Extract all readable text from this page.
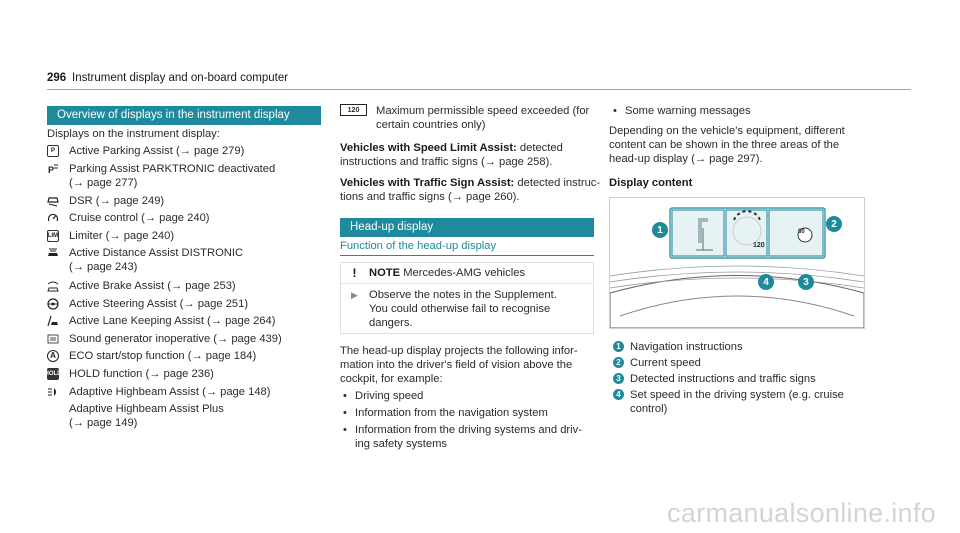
296 Instrument display and on-board computer
Overview of displays in the instrument display
Displays on the instrument display:
P	Active Parking Assist (→ page 279)
P Parking Assist PARKTRONIC deactivated
(→ page 277)
DSR (→ page 249)
Cruise control (→ page 240)
LIM Limiter (→ page 240)
Active Distance Assist DISTRONIC
(→ page 243)
Active Brake Assist (→ page 253)
Active Steering Assist (→ page 251)
Active Lane Keeping Assist (→ page 264)
Sound generator inoperative (→ page 439)
A ECO start/stop function (→ page 184)
HOLD HOLD function (→ page 236)
Adaptive Highbeam Assist (→ page 148)
Adaptive Highbeam Assist Plus
(→ page 149)
120	Maximum permissible speed exceeded (for
certain countries only)
Vehicles with Speed Limit Assist: detected
instructions and traffic signs (→ page 258).
Vehicles with Traffic Sign Assist: detected instruc-
tions and traffic signs (→ page 260).
Head-up display
Function of the head-up display
!	NOTE Mercedes-AMG vehicles
▶ Observe the notes in the Supplement.
You could otherwise fail to recognise
dangers.
The head-up display projects the following infor-
mation into the driver's field of vision above the
cockpit, for example:
• Driving speed
• Information from the navigation system
• Information from the driving systems and driv-
ing safety systems
• Some warning messages
Depending on the vehicle's equipment, different
content can be shown in the three areas of the
head-up display (→ page 297).
Display content
80
120
1
2
3
4
1 Navigation instructions
2 Current speed
3 Detected instructions and traffic signs
4 Set speed in the driving system (e.g. cruise
control)
carmanualsonline.info
